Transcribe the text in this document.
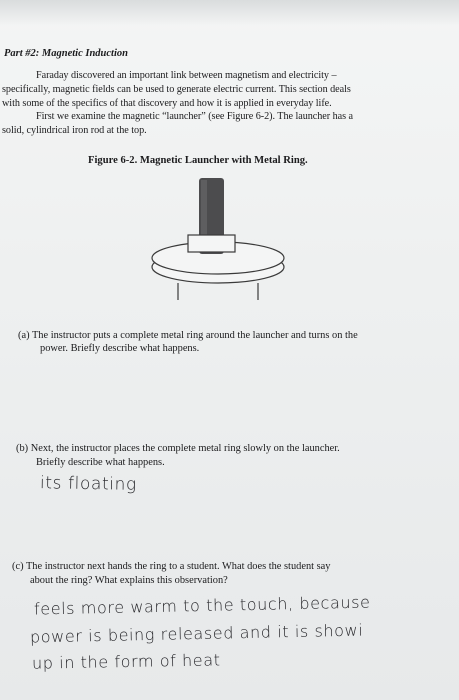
Part #2: Magnetic Induction
Faraday discovered an important link between magnetism and electricity –
specifically, magnetic fields can be used to generate electric current. This section deals
with some of the specifics of that discovery and how it is applied in everyday life.
First we examine the magnetic “launcher” (see Figure 6-2). The launcher has a
solid, cylindrical iron rod at the top.
Figure 6-2. Magnetic Launcher with Metal Ring.
(a) The instructor puts a complete metal ring around the launcher and turns on the
power. Briefly describe what happens.
(b) Next, the instructor places the complete metal ring slowly on the launcher.
Briefly describe what happens.
its floating
(c) The instructor next hands the ring to a student. What does the student say
about the ring? What explains this observation?
feels more warm to the touch, because
power is being released and it is showi
up in the form of heat
